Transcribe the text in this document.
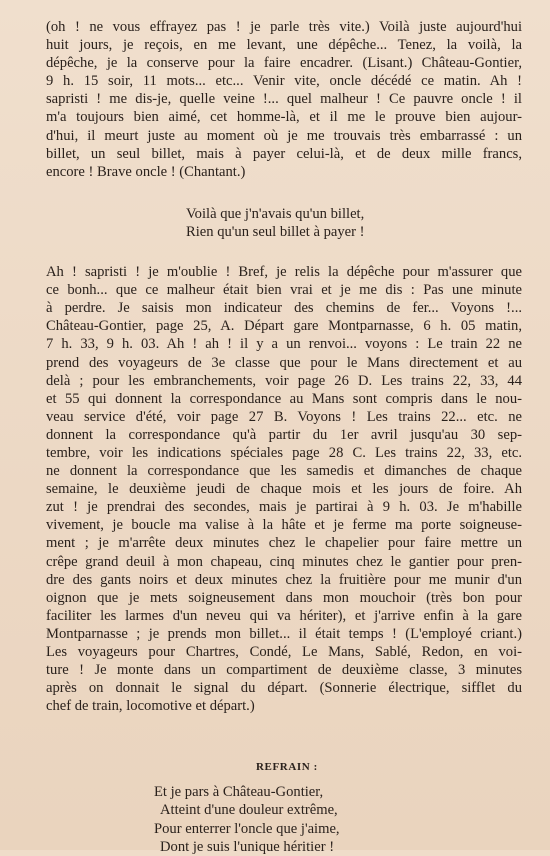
(oh ! ne vous effrayez pas ! je parle très vite.) Voilà juste aujourd'hui
huit jours, je reçois, en me levant, une dépêche... Tenez, la voilà, la
dépêche, je la conserve pour la faire encadrer. (Lisant.) Château-Gontier,
9 h. 15 soir, 11 mots... etc... Venir vite, oncle décédé ce matin. Ah !
sapristi ! me dis-je, quelle veine !... quel malheur ! Ce pauvre oncle ! il
m'a toujours bien aimé, cet homme-là, et il me le prouve bien aujour-
d'hui, il meurt juste au moment où je me trouvais très embarrassé : un
billet, un seul billet, mais à payer celui-là, et de deux mille francs,
encore ! Brave oncle ! (Chantant.)
Voilà que j'n'avais qu'un billet,
Rien qu'un seul billet à payer !
Ah ! sapristi ! je m'oublie ! Bref, je relis la dépêche pour m'assurer que
ce bonh... que ce malheur était bien vrai et je me dis : Pas une minute
à perdre. Je saisis mon indicateur des chemins de fer... Voyons !...
Château-Gontier, page 25, A. Départ gare Montparnasse, 6 h. 05 matin,
7 h. 33, 9 h. 03. Ah ! ah ! il y a un renvoi... voyons : Le train 22 ne
prend des voyageurs de 3e classe que pour le Mans directement et au
delà ; pour les embranchements, voir page 26 D. Les trains 22, 33, 44
et 55 qui donnent la correspondance au Mans sont compris dans le nou-
veau service d'été, voir page 27 B. Voyons ! Les trains 22... etc. ne
donnent la correspondance qu'à partir du 1er avril jusqu'au 30 sep-
tembre, voir les indications spéciales page 28 C. Les trains 22, 33, etc.
ne donnent la correspondance que les samedis et dimanches de chaque
semaine, le deuxième jeudi de chaque mois et les jours de foire. Ah
zut ! je prendrai des secondes, mais je partirai à 9 h. 03. Je m'habille
vivement, je boucle ma valise à la hâte et je ferme ma porte soigneuse-
ment ; je m'arrête deux minutes chez le chapelier pour faire mettre un
crêpe grand deuil à mon chapeau, cinq minutes chez le gantier pour pren-
dre des gants noirs et deux minutes chez la fruitière pour me munir d'un
oignon que je mets soigneusement dans mon mouchoir (très bon pour
faciliter les larmes d'un neveu qui va hériter), et j'arrive enfin à la gare
Montparnasse ; je prends mon billet... il était temps ! (L'employé criant.)
Les voyageurs pour Chartres, Condé, Le Mans, Sablé, Redon, en voi-
ture ! Je monte dans un compartiment de deuxième classe, 3 minutes
après on donnait le signal du départ. (Sonnerie électrique, sifflet du
chef de train, locomotive et départ.)
REFRAIN :
Et je pars à Château-Gontier,
Atteint d'une douleur extrême,
Pour enterrer l'oncle que j'aime,
Dont je suis l'unique héritier !
